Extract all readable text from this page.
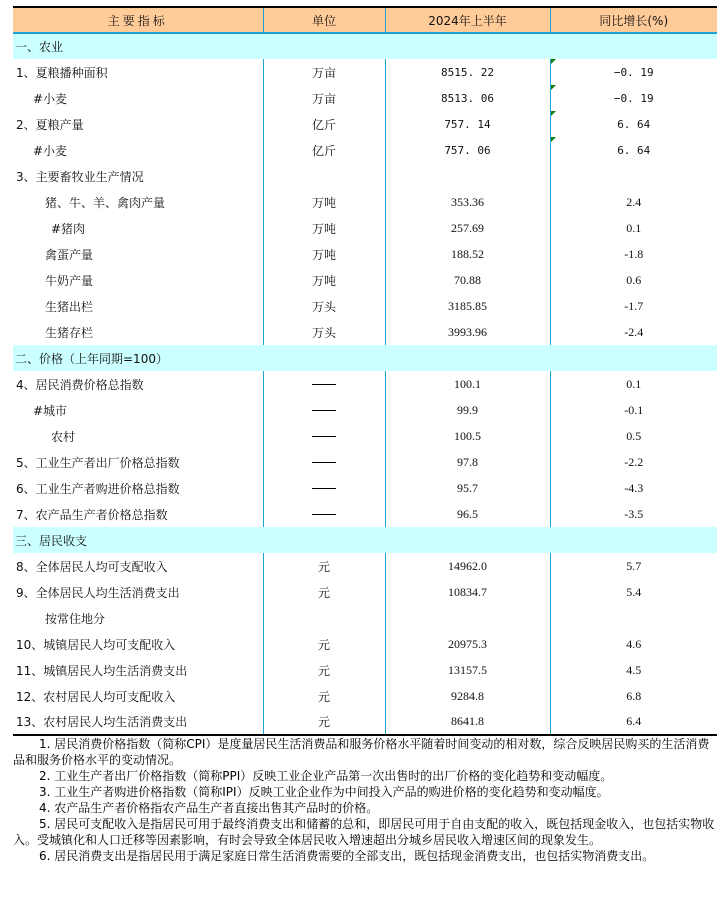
主要指标	单位	2024年上半年	同比增长(%)
一、农业			
1、夏粮播种面积	万亩	8515. 22	−0. 19
#小麦	万亩	8513. 06	−0. 19
2、夏粮产量	亿斤	757. 14	6. 64
#小麦	亿斤	757. 06	6. 64
3、主要畜牧业生产情况			
猪、牛、羊、禽肉产量	万吨	353.36	2.4
#猪肉	万吨	257.69	0.1
禽蛋产量	万吨	188.52	-1.8
牛奶产量	万吨	70.88	0.6
生猪出栏	万头	3185.85	-1.7
生猪存栏	万头	3993.96	-2.4
二、价格（上年同期=100）			
4、居民消费价格总指数		100.1	0.1
#城市		99.9	-0.1
农村		100.5	0.5
5、工业生产者出厂价格总指数		97.8	-2.2
6、工业生产者购进价格总指数		95.7	-4.3
7、农产品生产者价格总指数		96.5	-3.5
三、居民收支			
8、全体居民人均可支配收入	元	14962.0	5.7
9、全体居民人均生活消费支出	元	10834.7	5.4
按常住地分			
10、城镇居民人均可支配收入	元	20975.3	4.6
11、城镇居民人均生活消费支出	元	13157.5	4.5
12、农村居民人均可支配收入	元	9284.8	6.8
13、农村居民人均生活消费支出	元	8641.8	6.4

1. 居民消费价格指数（简称CPI）是度量居民生活消费品和服务价格水平随着时间变动的相对数，综合反映居民购买的生活消费品和服务价格水平的变动情况。

2. 工业生产者出厂价格指数（简称PPI）反映工业企业产品第一次出售时的出厂价格的变化趋势和变动幅度。

3. 工业生产者购进价格指数（简称IPI）反映工业企业作为中间投入产品的购进价格的变化趋势和变动幅度。

4. 农产品生产者价格指农产品生产者直接出售其产品时的价格。

5. 居民可支配收入是指居民可用于最终消费支出和储蓄的总和，即居民可用于自由支配的收入，既包括现金收入，也包括实物收入。受城镇化和人口迁移等因素影响，有时会导致全体居民收入增速超出分城乡居民收入增速区间的现象发生。

6. 居民消费支出是指居民用于满足家庭日常生活消费需要的全部支出，既包括现金消费支出，也包括实物消费支出。
